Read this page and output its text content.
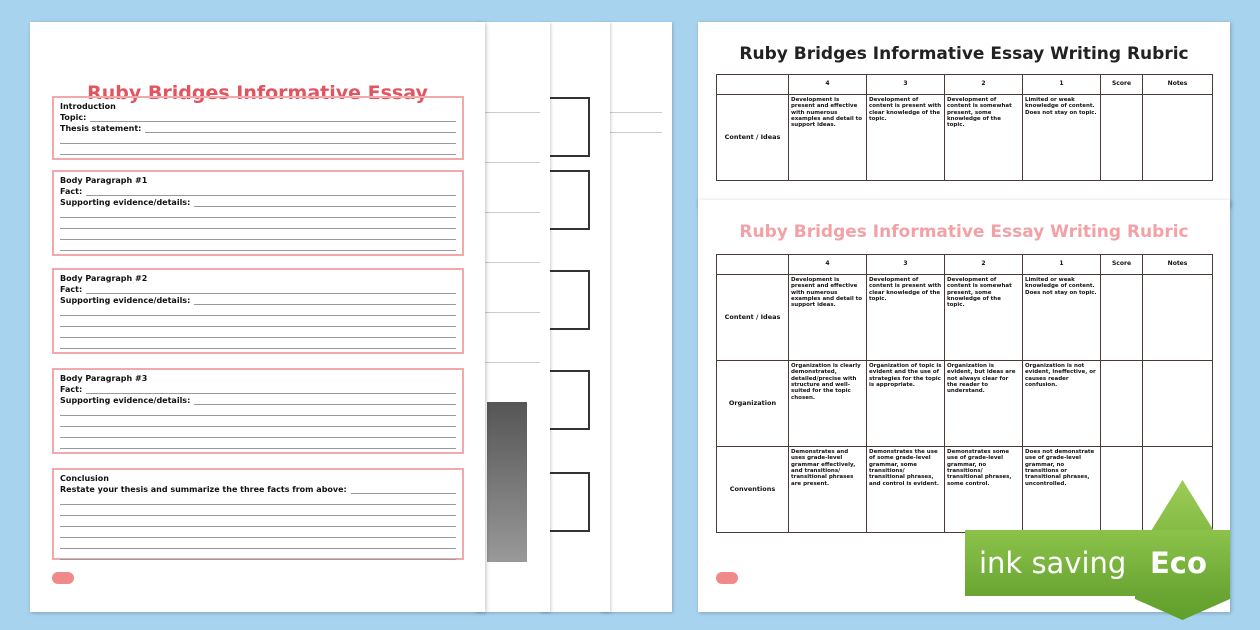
Ruby Bridges Informative Essay
Introduction
Topic:
Thesis statement:
Body Paragraph #1
Fact:
Supporting evidence/details:
Body Paragraph #2
Fact:
Supporting evidence/details:
Body Paragraph #3
Fact:
Supporting evidence/details:
Conclusion
Restate your thesis and summarize the three facts from above:
Ruby Bridges Informative Essay Writing Rubric
	4	3	2	1	Score	Notes
Content / Ideas	Development is present and effective with numerous examples and detail to support ideas.	Development of content is present with clear knowledge of the topic.	Development of content is somewhat present, some knowledge of the topic.	Limited or weak knowledge of content. Does not stay on topic.		
Ruby Bridges Informative Essay Writing Rubric
	4	3	2	1	Score	Notes
Content / Ideas	Development is present and effective with numerous examples and detail to support ideas.	Development of content is present with clear knowledge of the topic.	Development of content is somewhat present, some knowledge of the topic.	Limited or weak knowledge of content. Does not stay on topic.		
Organization	Organization is clearly demonstrated, detailed/precise with structure and well-suited for the topic chosen.	Organization of topic is evident and the use of strategies for the topic is appropriate.	Organization is evident, but ideas are not always clear for the reader to understand.	Organization is not evident, ineffective, or causes reader confusion.		
Conventions	Demonstrates and uses grade-level grammar effectively, and transitions/ transitional phrases are present.	Demonstrates the use of some grade-level grammar, some transitions/ transitional phrases, and control is evident.	Demonstrates some use of grade-level grammar, no transitions/ transitional phrases, some control.	Does not demonstrate use of grade-level grammar, no transitions or transitional phrases, uncontrolled.		
ink saving Eco
